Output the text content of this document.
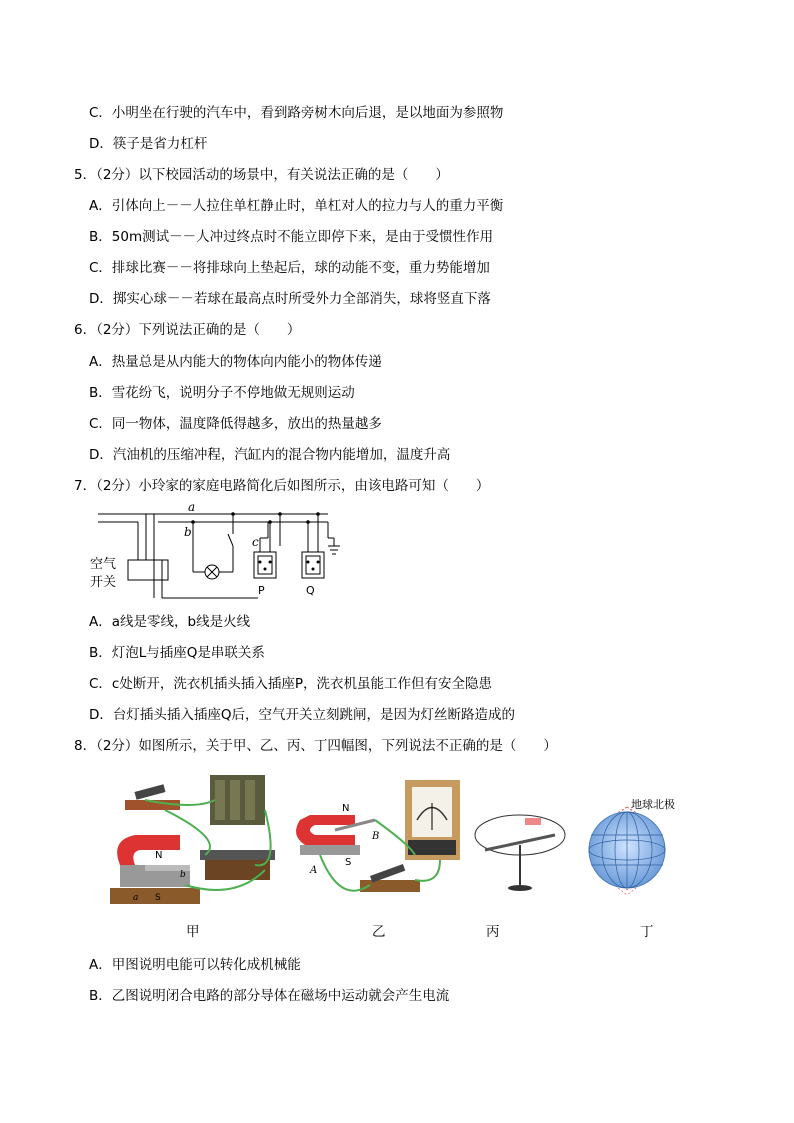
C．小明坐在行驶的汽车中，看到路旁树木向后退，是以地面为参照物
D．筷子是省力杠杆
5．（2分）以下校园活动的场景中，有关说法正确的是（　　）
A．引体向上－－人拉住单杠静止时，单杠对人的拉力与人的重力平衡
B．50m测试－－人冲过终点时不能立即停下来，是由于受惯性作用
C．排球比赛－－将排球向上垫起后，球的动能不变，重力势能增加
D．掷实心球－－若球在最高点时所受外力全部消失，球将竖直下落
6．（2分）下列说法正确的是（　　）
A．热量总是从内能大的物体向内能小的物体传递
B．雪花纷飞，说明分子不停地做无规则运动
C．同一物体，温度降低得越多，放出的热量越多
D．汽油机的压缩冲程，汽缸内的混合物内能增加，温度升高
7．（2分）小玲家的家庭电路简化后如图所示，由该电路可知（　　）
a
b
c
空气
开关
P	Q
A．a线是零线，b线是火线
B．灯泡L与插座Q是串联关系
C．c处断开，洗衣机插头插入插座P，洗衣机虽能工作但有安全隐患
D．台灯插头插入插座Q后，空气开关立刻跳闸，是因为灯丝断路造成的
8．（2分）如图所示，关于甲、乙、丙、丁四幅图，下列说法不正确的是（　　）
N
b
a S
N
S
A
B
地球北极
甲	乙	丙	丁
A．甲图说明电能可以转化成机械能
B．乙图说明闭合电路的部分导体在磁场中运动就会产生电流
